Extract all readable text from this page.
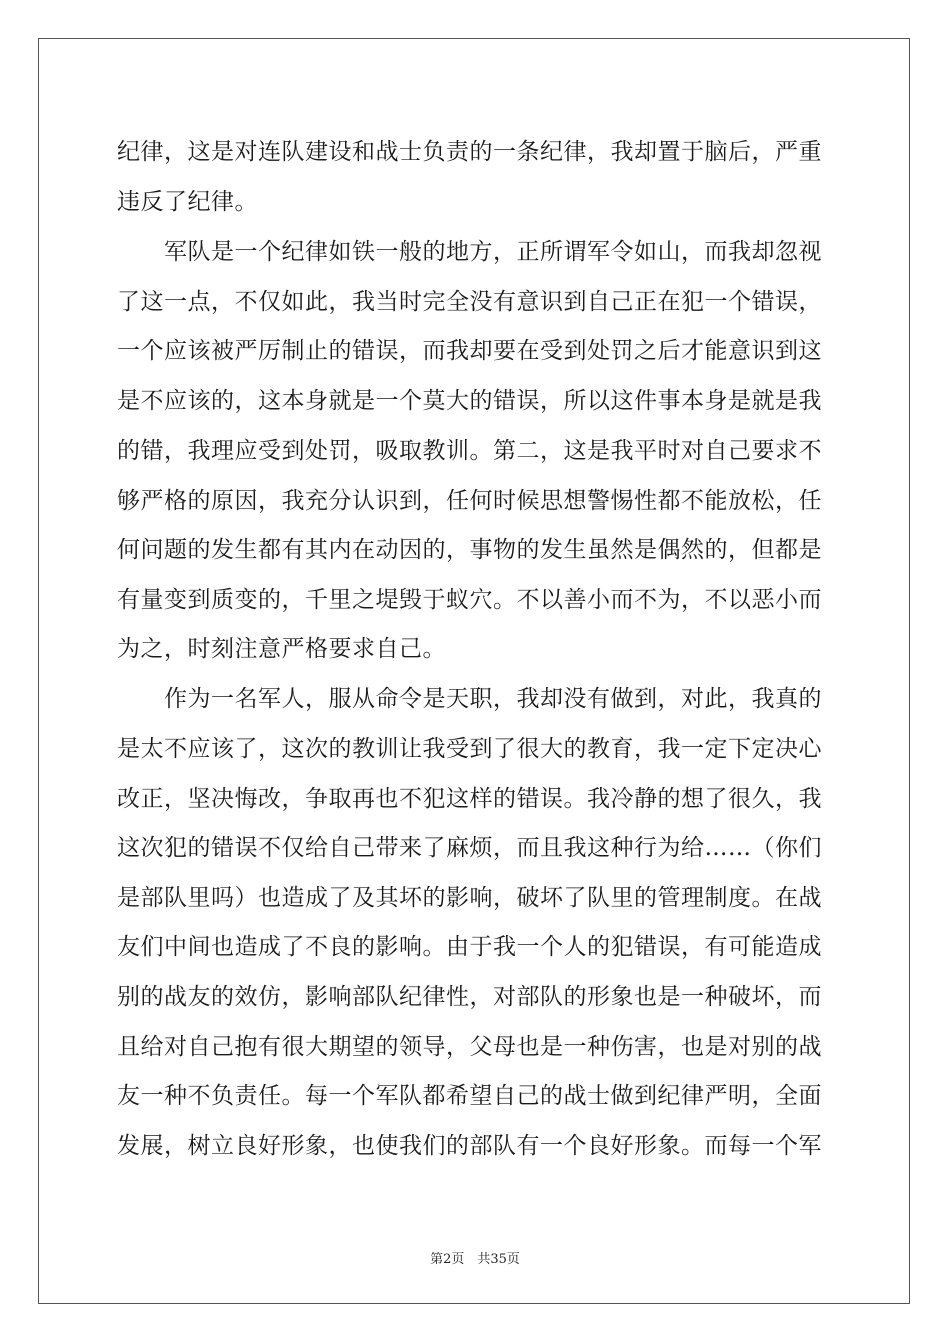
纪律，这是对连队建设和战士负责的一条纪律，我却置于脑后，严重
违反了纪律。
　　军队是一个纪律如铁一般的地方，正所谓军令如山，而我却忽视
了这一点，不仅如此，我当时完全没有意识到自己正在犯一个错误，
一个应该被严厉制止的错误，而我却要在受到处罚之后才能意识到这
是不应该的，这本身就是一个莫大的错误，所以这件事本身是就是我
的错，我理应受到处罚，吸取教训。第二，这是我平时对自己要求不
够严格的原因，我充分认识到，任何时候思想警惕性都不能放松，任
何问题的发生都有其内在动因的，事物的发生虽然是偶然的，但都是
有量变到质变的，千里之堤毁于蚁穴。不以善小而不为，不以恶小而
为之，时刻注意严格要求自己。
　　作为一名军人，服从命令是天职，我却没有做到，对此，我真的
是太不应该了，这次的教训让我受到了很大的教育，我一定下定决心
改正，坚决悔改，争取再也不犯这样的错误。我冷静的想了很久，我
这次犯的错误不仅给自己带来了麻烦，而且我这种行为给……（你们
是部队里吗）也造成了及其坏的影响，破坏了队里的管理制度。在战
友们中间也造成了不良的影响。由于我一个人的犯错误，有可能造成
别的战友的效仿，影响部队纪律性，对部队的形象也是一种破坏，而
且给对自己抱有很大期望的领导，父母也是一种伤害，也是对别的战
友一种不负责任。每一个军队都希望自己的战士做到纪律严明，全面
发展，树立良好形象，也使我们的部队有一个良好形象。而每一个军
第2页　共35页
